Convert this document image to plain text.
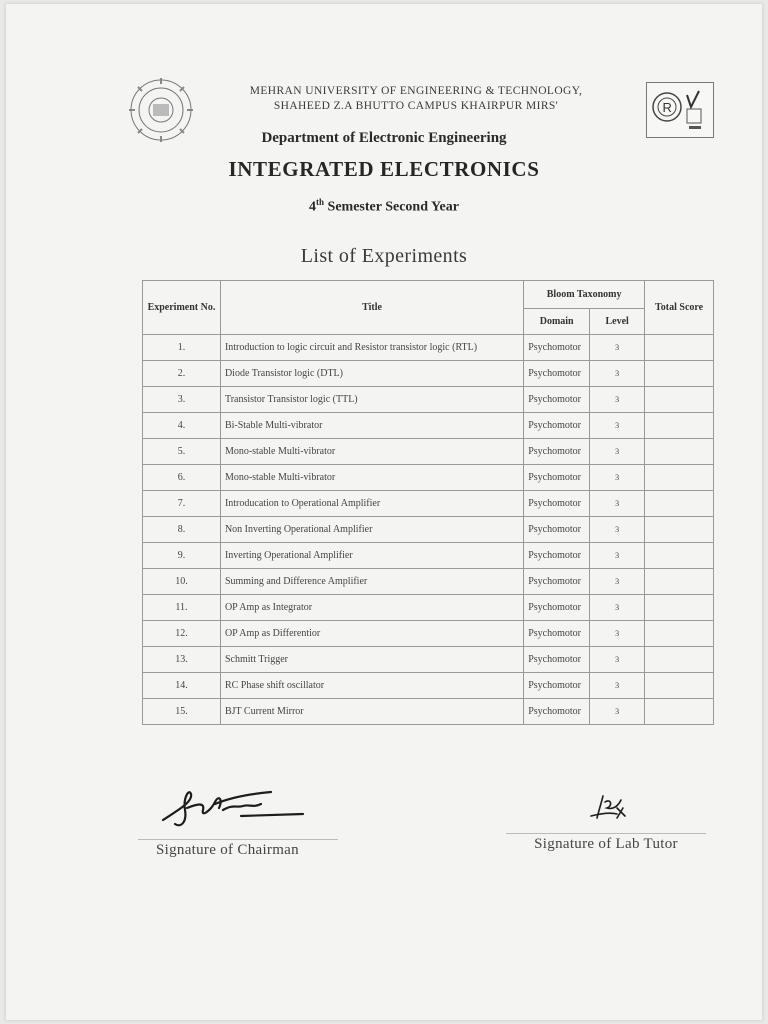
MEHRAN UNIVERSITY OF ENGINEERING & TECHNOLOGY,
SHAHEED Z.A BHUTTO CAMPUS KHAIRPUR MIRS'	R
Department of Electronic Engineering
INTEGRATED ELECTRONICS
4th Semester Second Year
List of Experiments
Experiment No.	Title	Bloom Taxonomy		Total Score
		Domain	Level	
1.	Introduction to logic circuit and Resistor transistor logic (RTL)	Psychomotor	3	
2.	Diode Transistor logic (DTL)	Psychomotor	3	
3.	Transistor Transistor logic (TTL)	Psychomotor	3	
4.	Bi-Stable Multi-vibrator	Psychomotor	3	
5.	Mono-stable Multi-vibrator	Psychomotor	3	
6.	Mono-stable Multi-vibrator	Psychomotor	3	
7.	Introducation to Operational Amplifier	Psychomotor	3	
8.	Non Inverting Operational Amplifier	Psychomotor	3	
9.	Inverting Operational Amplifier	Psychomotor	3	
10.	Summing and Difference Amplifier	Psychomotor	3	
11.	OP Amp as Integrator	Psychomotor	3	
12.	OP Amp as Differentior	Psychomotor	3	
13.	Schmitt Trigger	Psychomotor	3	
14.	RC Phase shift oscillator	Psychomotor	3	
15.	BJT Current Mirror	Psychomotor	3	
Signature of Chairman	Signature of Lab Tutor
